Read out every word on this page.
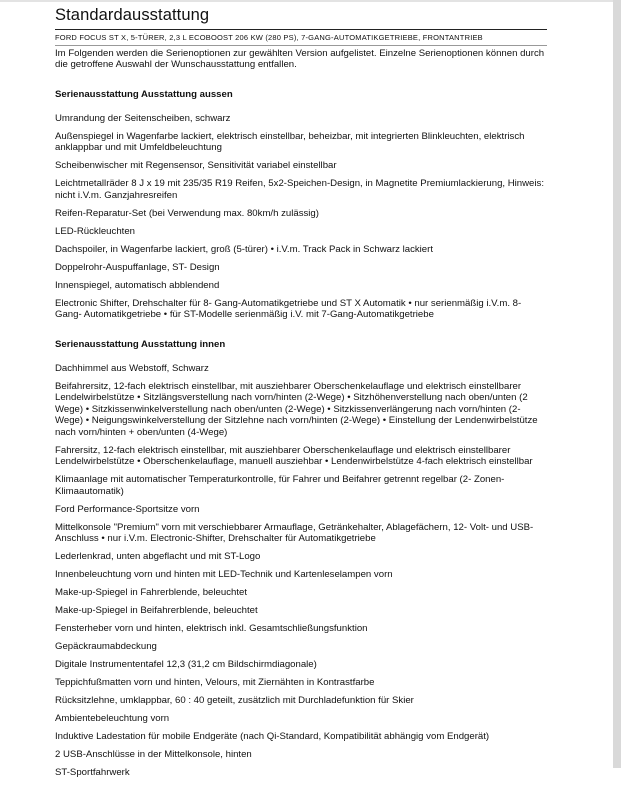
Standardausstattung
FORD FOCUS ST X, 5-TÜRER, 2,3 L ECOBOOST 206 KW (280 PS), 7-GANG-AUTOMATIKGETRIEBE, FRONTANTRIEB
Im Folgenden werden die Serienoptionen zur gewählten Version aufgelistet. Einzelne Serienoptionen können durch die getroffene Auswahl der Wunschausstattung entfallen.
Serienausstattung Ausstattung aussen
Umrandung der Seitenscheiben, schwarz
Außenspiegel in Wagenfarbe lackiert, elektrisch einstellbar, beheizbar, mit integrierten Blinkleuchten, elektrisch anklappbar und mit Umfeldbeleuchtung
Scheibenwischer mit Regensensor, Sensitivität variabel einstellbar
Leichtmetallräder 8 J x 19 mit 235/35 R19 Reifen, 5x2-Speichen-Design, in Magnetite Premiumlackierung, Hinweis: nicht i.V.m. Ganzjahresreifen
Reifen-Reparatur-Set (bei Verwendung max. 80km/h zulässig)
LED-Rückleuchten
Dachspoiler, in Wagenfarbe lackiert, groß (5-türer) • i.V.m. Track Pack in Schwarz lackiert
Doppelrohr-Auspuffanlage, ST- Design
Innenspiegel, automatisch abblendend
Electronic Shifter, Drehschalter für 8- Gang-Automatikgetriebe und ST X Automatik • nur serienmäßig i.V.m. 8-Gang- Automatikgetriebe • für ST-Modelle serienmäßig i.V. mit 7-Gang-Automatikgetriebe
Serienausstattung Ausstattung innen
Dachhimmel aus Webstoff, Schwarz
Beifahrersitz, 12-fach elektrisch einstellbar, mit ausziehbarer Oberschenkelauflage und elektrisch einstellbarer Lendelwirbelstütze • Sitzlängsverstellung nach vorn/hinten (2-Wege) • Sitzhöhenverstellung nach oben/unten (2 Wege) • Sitzkissenwinkelverstellung nach oben/unten (2-Wege) • Sitzkissenverlängerung nach vorn/hinten (2-Wege) • Neigungswinkelverstellung der Sitzlehne nach vorn/hinten (2-Wege) • Einstellung der Lendenwirbelstütze nach vorn/hinten + oben/unten (4-Wege)
Fahrersitz, 12-fach elektrisch einstellbar, mit ausziehbarer Oberschenkelauflage und elektrisch einstellbarer Lendelwirbelstütze • Oberschenkelauflage, manuell ausziehbar • Lendenwirbelstütze 4-fach elektrisch einstellbar
Klimaanlage mit automatischer Temperaturkontrolle, für Fahrer und Beifahrer getrennt regelbar (2- Zonen-Klimaautomatik)
Ford Performance-Sportsitze vorn
Mittelkonsole "Premium" vorn mit verschiebbarer Armauflage, Getränkehalter, Ablagefächern, 12- Volt- und USB-Anschluss • nur i.V.m. Electronic-Shifter, Drehschalter für Automatikgetriebe
Lederlenkrad, unten abgeflacht und mit ST-Logo
Innenbeleuchtung vorn und hinten mit LED-Technik und Kartenleselampen vorn
Make-up-Spiegel in Fahrerblende, beleuchtet
Make-up-Spiegel in Beifahrerblende, beleuchtet
Fensterheber vorn und hinten, elektrisch inkl. Gesamtschließungsfunktion
Gepäckraumabdeckung
Digitale Instrumententafel 12,3 (31,2 cm Bildschirmdiagonale)
Teppichfußmatten vorn und hinten, Velours, mit Ziernähten in Kontrastfarbe
Rücksitzlehne, umklappbar, 60 : 40 geteilt, zusätzlich mit Durchladefunktion für Skier
Ambientebeleuchtung vorn
Induktive Ladestation für mobile Endgeräte (nach Qi-Standard, Kompatibilität abhängig vom Endgerät)
2 USB-Anschlüsse in der Mittelkonsole, hinten
ST-Sportfahrwerk
